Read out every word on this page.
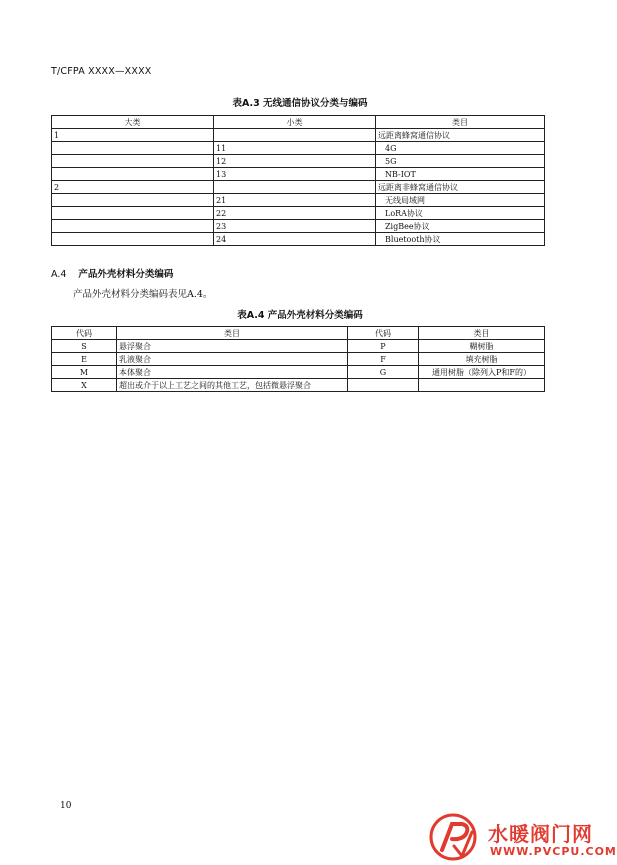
T/CFPA XXXX—XXXX
表A.3 无线通信协议分类与编码
大类	小类	类目
1		远距离蜂窝通信协议
	11	4G
	12	5G
	13	NB-IOT
2		远距离非蜂窝通信协议
	21	无线局域网
	22	LoRA协议
	23	ZigBee协议
	24	Bluetooth协议
A.4 产品外壳材料分类编码
产品外壳材料分类编码表见A.4。
表A.4 产品外壳材料分类编码
代码	类目	代码	类目
S	悬浮聚合	P	糊树脂
E	乳液聚合	F	填充树脂
M	本体聚合	G	通用树脂（除列入P和F的）
X	超出或介于以上工艺之间的其他工艺，包括微悬浮聚合		
10
水暖阀门网
WWW.PVCPU.COM
